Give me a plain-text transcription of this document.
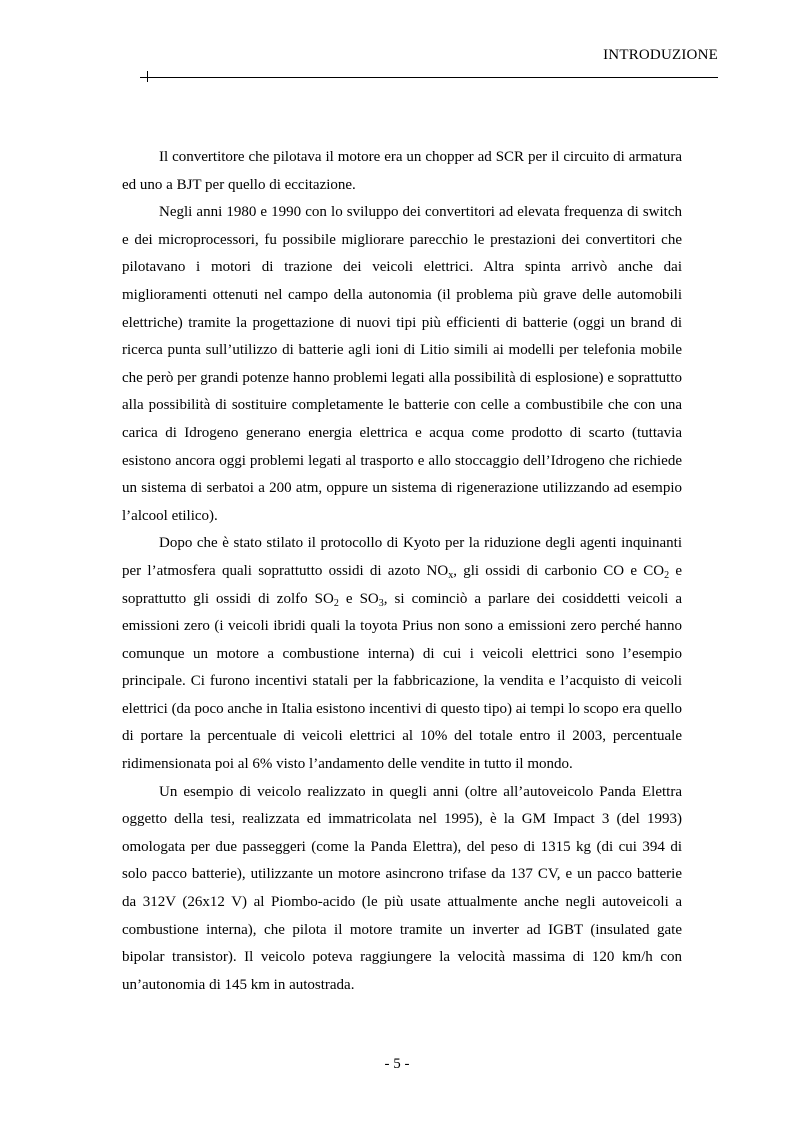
INTRODUZIONE

Il convertitore che pilotava il motore era un chopper ad SCR per il circuito di armatura ed uno a BJT per quello di eccitazione.

Negli anni 1980 e 1990 con lo sviluppo dei convertitori ad elevata frequenza di switch e dei microprocessori, fu possibile migliorare parecchio le prestazioni dei convertitori che pilotavano i motori di trazione dei veicoli elettrici. Altra spinta arrivò anche dai miglioramenti ottenuti nel campo della autonomia (il problema più grave delle automobili elettriche) tramite la progettazione di nuovi tipi più efficienti di batterie (oggi un brand di ricerca punta sull’utilizzo di batterie agli ioni di Litio simili ai modelli per telefonia mobile che però per grandi potenze hanno problemi legati alla possibilità di esplosione) e soprattutto alla possibilità di sostituire completamente le batterie con celle a combustibile che con una carica di Idrogeno generano energia elettrica e acqua come prodotto di scarto (tuttavia esistono ancora oggi problemi legati al trasporto e allo stoccaggio dell’Idrogeno che richiede un sistema di serbatoi a 200 atm, oppure un sistema di rigenerazione utilizzando ad esempio l’alcool etilico).

Dopo che è stato stilato il protocollo di Kyoto per la riduzione degli agenti inquinanti per l’atmosfera quali soprattutto ossidi di azoto $NO_x$, gli ossidi di carbonio CO e $CO_2$ e soprattutto gli ossidi di zolfo $SO_2$ e $SO_3$, si cominciò a parlare dei cosiddetti veicoli a emissioni zero (i veicoli ibridi quali la toyota Prius non sono a emissioni zero perché hanno comunque un motore a combustione interna) di cui i veicoli elettrici sono l’esempio principale. Ci furono incentivi statali per la fabbricazione, la vendita e l’acquisto di veicoli elettrici (da poco anche in Italia esistono incentivi di questo tipo) ai tempi lo scopo era quello di portare la percentuale di veicoli elettrici al 10% del totale entro il 2003, percentuale ridimensionata poi al 6% visto l’andamento delle vendite in tutto il mondo.

Un esempio di veicolo realizzato in quegli anni (oltre all’autoveicolo Panda Elettra oggetto della tesi, realizzata ed immatricolata nel 1995), è la GM Impact 3 (del 1993) omologata per due passeggeri (come la Panda Elettra), del peso di 1315 kg (di cui 394 di solo pacco batterie), utilizzante un motore asincrono trifase da 137 CV, e un pacco batterie da 312V (26x12 V) al Piombo-acido (le più usate attualmente anche negli autoveicoli a combustione interna), che pilota il motore tramite un inverter ad IGBT (insulated gate bipolar transistor). Il veicolo poteva raggiungere la velocità massima di 120 km/h con un’autonomia di 145 km in autostrada.

- 5 -
